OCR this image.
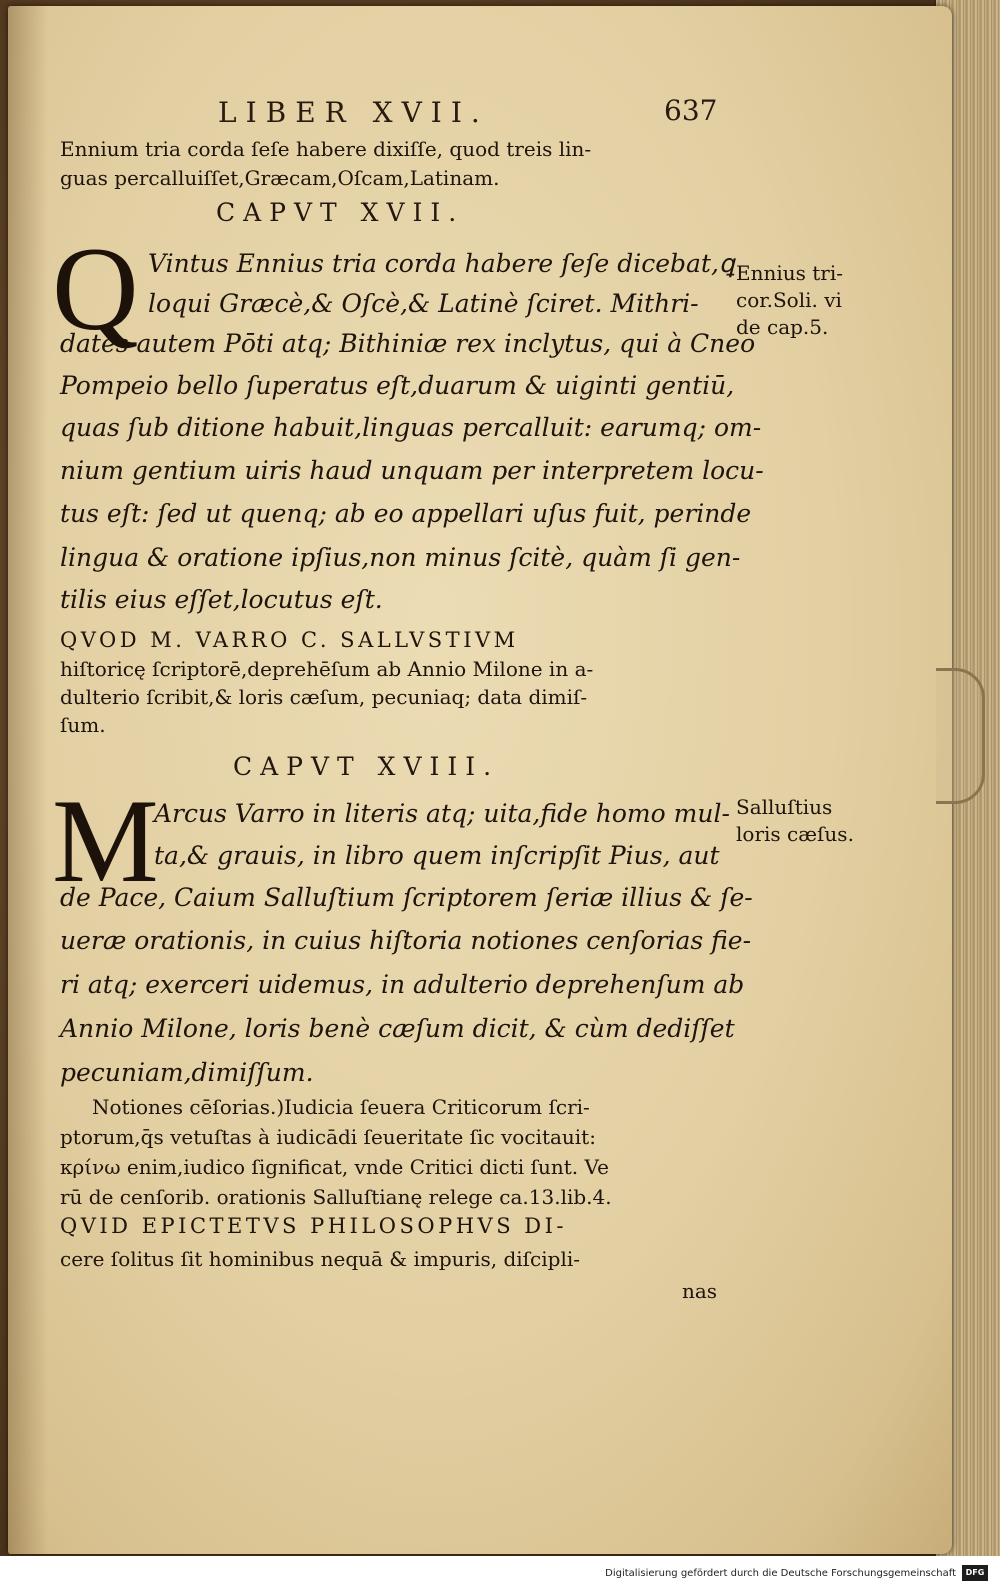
LIBER XVII.	637
Ennium tria corda ſeſe habere dixiſſe, quod treis lin-
guas percalluiſſet,Græcam,Oſcam,Latinam.
CAPVT XVII.
Q Vintus Ennius tria corda habere ſeſe dicebat,ꝗ
loqui Græcè,& Oſcè,& Latinè ſciret. Mithri-
dates autem Pōti atq; Bithiniæ rex inclytus, qui à Cneo
Pompeio bello ſuperatus eſt,duarum & uiginti gentiū,
quas ſub ditione habuit,linguas percalluit: earumq; om-
nium gentium uiris haud unquam per interpretem locu-
tus eſt: ſed ut quenq; ab eo appellari uſus fuit, perinde
lingua & oratione ipſius,non minus ſcitè, quàm ſi gen-
tilis eius eſſet,locutus eſt.
Ennius tri-
cor.Soli. vi
de cap.5.
QVOD M. VARRO C. SALLVSTIVM
hiſtoricę ſcriptorē,deprehēſum ab Annio Milone in a-
dulterio ſcribit,& loris cæſum, pecuniaq; data dimiſ-
ſum.
CAPVT XVIII.
M
Arcus Varro in literis atq; uita,fide homo mul-
ta,& grauis, in libro quem inſcripſit Pius, aut
de Pace, Caium Salluſtium ſcriptorem ſeriæ illius & ſe-
ueræ orationis, in cuius hiſtoria notiones cenſorias fie-
ri atq; exerceri uidemus, in adulterio deprehenſum ab
Annio Milone, loris benè cæſum dicit, & cùm dediſſet
pecuniam,dimiſſum.
Salluſtius
loris cæſus.
Notiones cēſorias.)Iudicia ſeuera Criticorum ſcri-
ptorum,q̄s vetuſtas à iudicādi ſeueritate ſic vocitauit:
κρίνω enim,iudico ſignificat, vnde Critici dicti ſunt. Ve
rū de cenſorib. orationis Salluſtianę relege ca.13.lib.4.
QVID EPICTETVS PHILOSOPHVS DI-
cere ſolitus ſit hominibus nequā & impuris, diſcipli-
nas
Digitalisierung gefördert durch die Deutsche Forschungsgemeinschaft	DFG
